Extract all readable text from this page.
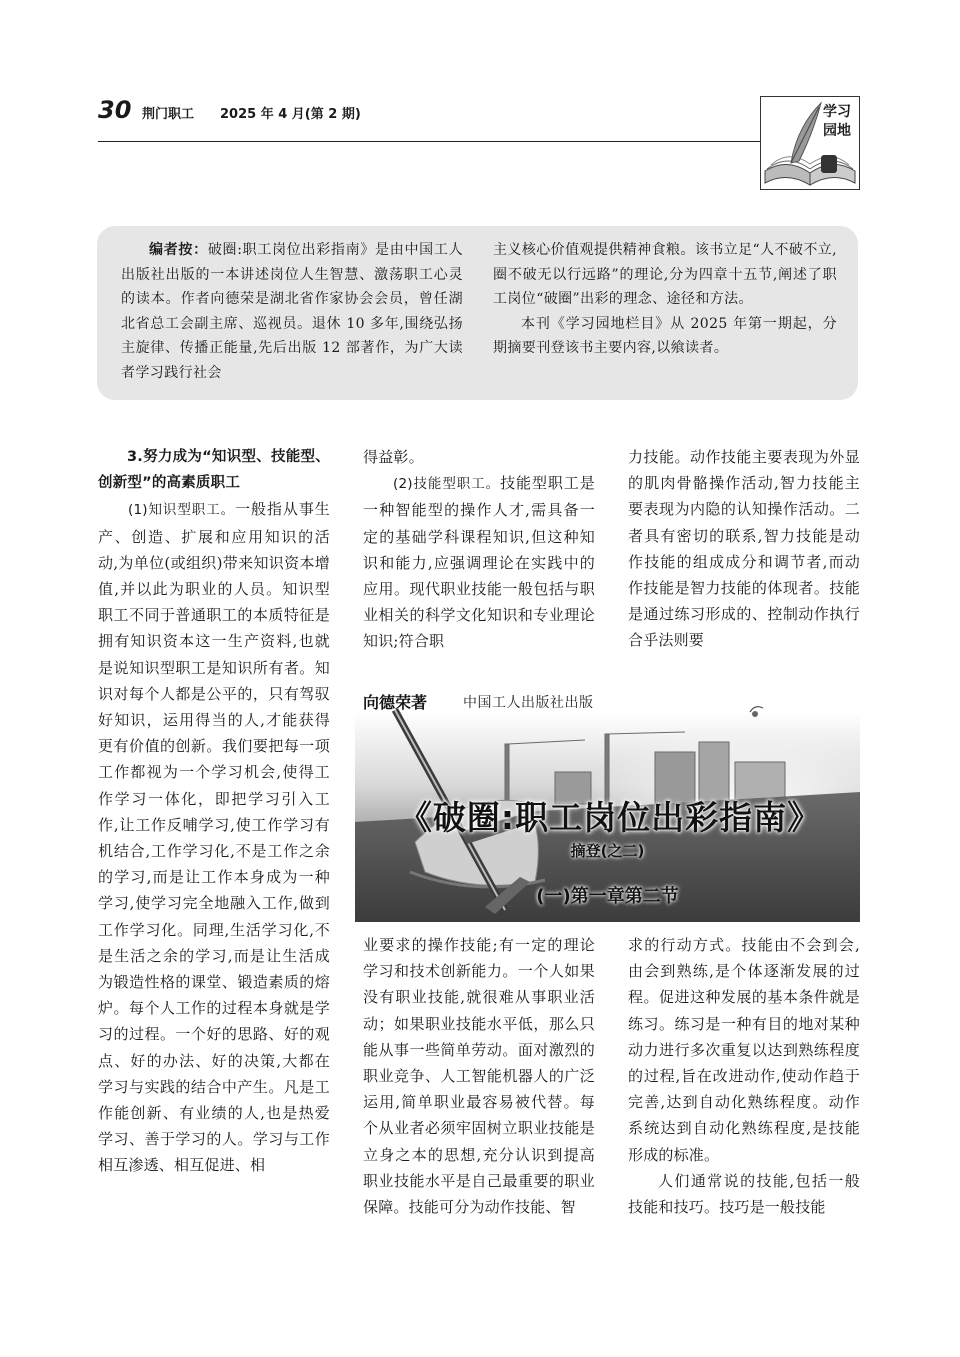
30 荆门职工 2025 年 4 月(第 2 期)	学习
园地

编者按：破圈:职工岗位出彩指南》是由中国工人出版社出版的一本讲述岗位人生智慧、激荡职工心灵的读本。作者向德荣是湖北省作家协会会员，曾任湖北省总工会副主席、巡视员。退休 10 多年,围绕弘扬主旋律、传播正能量,先后出版 12 部著作，为广大读者学习践行社会

主义核心价值观提供精神食粮。该书立足“人不破不立,圈不破无以行远路”的理论,分为四章十五节,阐述了职工岗位“破圈”出彩的理念、途径和方法。

本刊《学习园地栏目》从 2025 年第一期起，分期摘要刊登该书主要内容,以飨读者。

3.努力成为“知识型、技能型、创新型”的高素质职工

(1)知识型职工。一般指从事生产、创造、扩展和应用知识的活动,为单位(或组织)带来知识资本增值,并以此为职业的人员。知识型职工不同于普通职工的本质特征是拥有知识资本这一生产资料,也就是说知识型职工是知识所有者。知识对每个人都是公平的，只有驾驭好知识，运用得当的人,才能获得更有价值的创新。我们要把每一项工作都视为一个学习机会,使得工作学习一体化，即把学习引入工作,让工作反哺学习,使工作学习有机结合,工作学习化,不是工作之余的学习,而是让工作本身成为一种学习,使学习完全地融入工作,做到工作学习化。同理,生活学习化,不是生活之余的学习,而是让生活成为锻造性格的课堂、锻造素质的熔炉。每个人工作的过程本身就是学习的过程。一个好的思路、好的观点、好的办法、好的决策,大都在学习与实践的结合中产生。凡是工作能创新、有业绩的人,也是热爱学习、善于学习的人。学习与工作相互渗透、相互促进、相

得益彰。

(2)技能型职工。技能型职工是一种智能型的操作人才,需具备一定的基础学科课程知识,但这种知识和能力,应强调理论在实践中的应用。现代职业技能一般包括与职业相关的科学文化知识和专业理论知识;符合职

力技能。动作技能主要表现为外显的肌肉骨骼操作活动,智力技能主要表现为内隐的认知操作活动。二者具有密切的联系,智力技能是动作技能的组成成分和调节者,而动作技能是智力技能的体现者。技能是通过练习形成的、控制动作执行合乎法则要

向德荣著	中国工人出版社出版
《破圈:职工岗位出彩指南》
摘登(之二)
(一)第一章第二节

业要求的操作技能;有一定的理论学习和技术创新能力。一个人如果没有职业技能,就很难从事职业活动；如果职业技能水平低，那么只能从事一些简单劳动。面对激烈的职业竞争、人工智能机器人的广泛运用,简单职业最容易被代替。每个从业者必须牢固树立职业技能是立身之本的思想,充分认识到提高职业技能水平是自己最重要的职业保障。技能可分为动作技能、智

求的行动方式。技能由不会到会,由会到熟练,是个体逐渐发展的过程。促进这种发展的基本条件就是练习。练习是一种有目的地对某种动力进行多次重复以达到熟练程度的过程,旨在改进动作,使动作趋于完善,达到自动化熟练程度。动作系统达到自动化熟练程度,是技能形成的标准。

人们通常说的技能,包括一般技能和技巧。技巧是一般技能
